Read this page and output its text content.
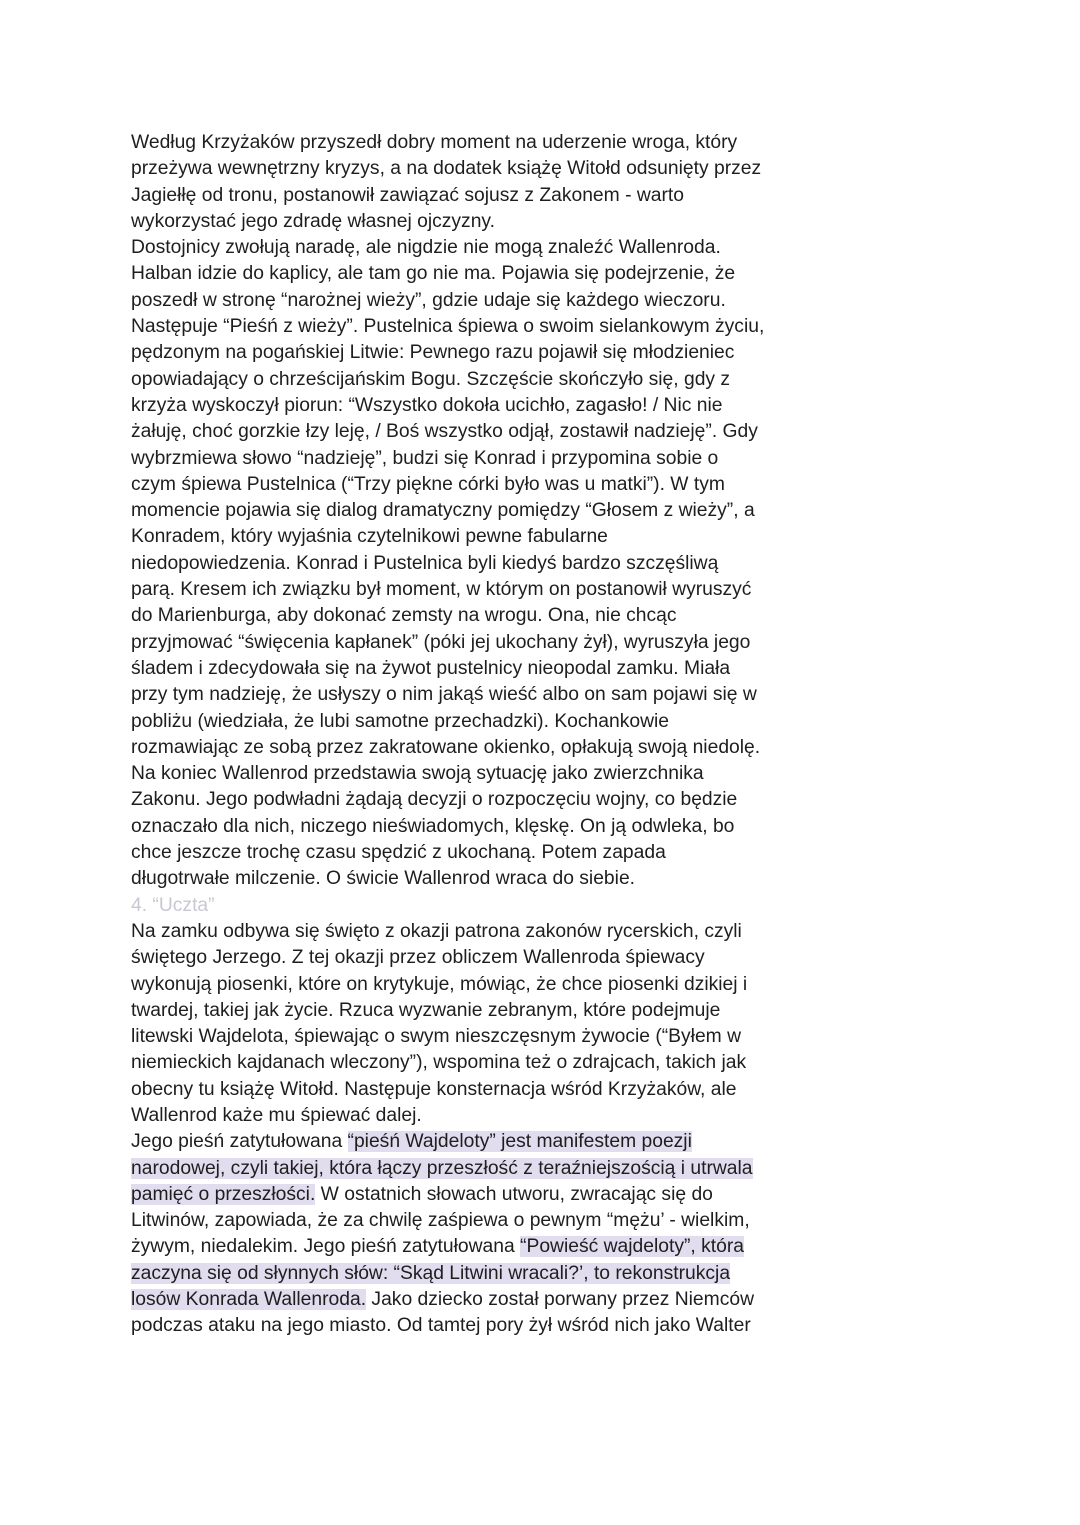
Według Krzyżaków przyszedł dobry moment na uderzenie wroga, który
przeżywa wewnętrzny kryzys, a na dodatek książę Witołd odsunięty przez
Jagiełłę od tronu, postanowił zawiązać sojusz z Zakonem - warto
wykorzystać jego zdradę własnej ojczyzny.
Dostojnicy zwołują naradę, ale nigdzie nie mogą znaleźć Wallenroda.
Halban idzie do kaplicy, ale tam go nie ma. Pojawia się podejrzenie, że
poszedł w stronę “narożnej wieży”, gdzie udaje się każdego wieczoru.
Następuje “Pieśń z wieży”. Pustelnica śpiewa o swoim sielankowym życiu,
pędzonym na pogańskiej Litwie: Pewnego razu pojawił się młodzieniec
opowiadający o chrześcijańskim Bogu. Szczęście skończyło się, gdy z
krzyża wyskoczył piorun: “Wszystko dokoła ucichło, zagasło! / Nic nie
żałuję, choć gorzkie łzy leję, / Boś wszystko odjął, zostawił nadzieję”. Gdy
wybrzmiewa słowo “nadzieję”, budzi się Konrad i przypomina sobie o
czym śpiewa Pustelnica (“Trzy piękne córki było was u matki”). W tym
momencie pojawia się dialog dramatyczny pomiędzy “Głosem z wieży”, a
Konradem, który wyjaśnia czytelnikowi pewne fabularne
niedopowiedzenia. Konrad i Pustelnica byli kiedyś bardzo szczęśliwą
parą. Kresem ich związku był moment, w którym on postanowił wyruszyć
do Marienburga, aby dokonać zemsty na wrogu. Ona, nie chcąc
przyjmować “święcenia kapłanek” (póki jej ukochany żył), wyruszyła jego
śladem i zdecydowała się na żywot pustelnicy nieopodal zamku. Miała
przy tym nadzieję, że usłyszy o nim jakąś wieść albo on sam pojawi się w
pobliżu (wiedziała, że lubi samotne przechadzki). Kochankowie
rozmawiając ze sobą przez zakratowane okienko, opłakują swoją niedolę.
Na koniec Wallenrod przedstawia swoją sytuację jako zwierzchnika
Zakonu. Jego podwładni żądają decyzji o rozpoczęciu wojny, co będzie
oznaczało dla nich, niczego nieświadomych, klęskę. On ją odwleka, bo
chce jeszcze trochę czasu spędzić z ukochaną. Potem zapada
długotrwałe milczenie. O świcie Wallenrod wraca do siebie.

4. “Uczta”

Na zamku odbywa się święto z okazji patrona zakonów rycerskich, czyli
świętego Jerzego. Z tej okazji przez obliczem Wallenroda śpiewacy
wykonują piosenki, które on krytykuje, mówiąc, że chce piosenki dzikiej i
twardej, takiej jak życie. Rzuca wyzwanie zebranym, które podejmuje
litewski Wajdelota, śpiewając o swym nieszczęsnym żywocie (“Byłem w
niemieckich kajdanach wleczony”), wspomina też o zdrajcach, takich jak
obecny tu książę Witołd. Następuje konsternacja wśród Krzyżaków, ale
Wallenrod każe mu śpiewać dalej.
Jego pieśń zatytułowana “pieśń Wajdeloty” jest manifestem poezji
narodowej, czyli takiej, która łączy przeszłość z teraźniejszością i utrwala
pamięć o przeszłości. W ostatnich słowach utworu, zwracając się do
Litwinów, zapowiada, że za chwilę zaśpiewa o pewnym “mężu’ - wielkim,
żywym, niedalekim. Jego pieśń zatytułowana “Powieść wajdeloty”, która
zaczyna się od słynnych słów: “Skąd Litwini wracali?’, to rekonstrukcja
losów Konrada Wallenroda. Jako dziecko został porwany przez Niemców
podczas ataku na jego miasto. Od tamtej pory żył wśród nich jako Walter
